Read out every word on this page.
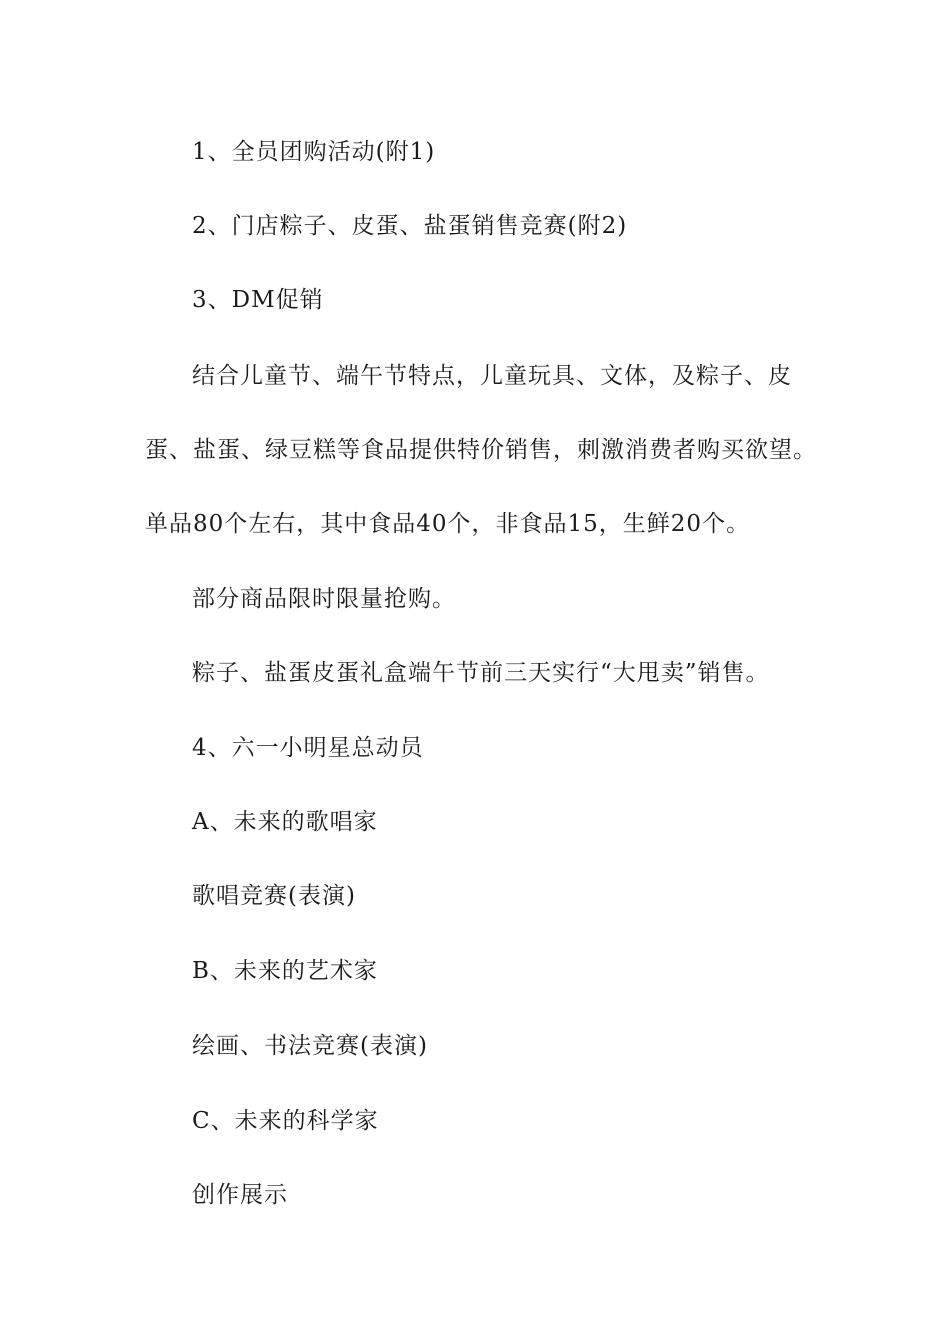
1、全员团购活动(附1)
2、门店粽子、皮蛋、盐蛋销售竞赛(附2)
3、DM促销
结合儿童节、端午节特点，儿童玩具、文体，及粽子、皮
蛋、盐蛋、绿豆糕等食品提供特价销售，刺激消费者购买欲望。
单品80个左右，其中食品40个，非食品15，生鲜20个。
部分商品限时限量抢购。
粽子、盐蛋皮蛋礼盒端午节前三天实行“大甩卖”销售。
4、六一小明星总动员
A、未来的歌唱家
歌唱竞赛(表演)
B、未来的艺术家
绘画、书法竞赛(表演)
C、未来的科学家
创作展示
